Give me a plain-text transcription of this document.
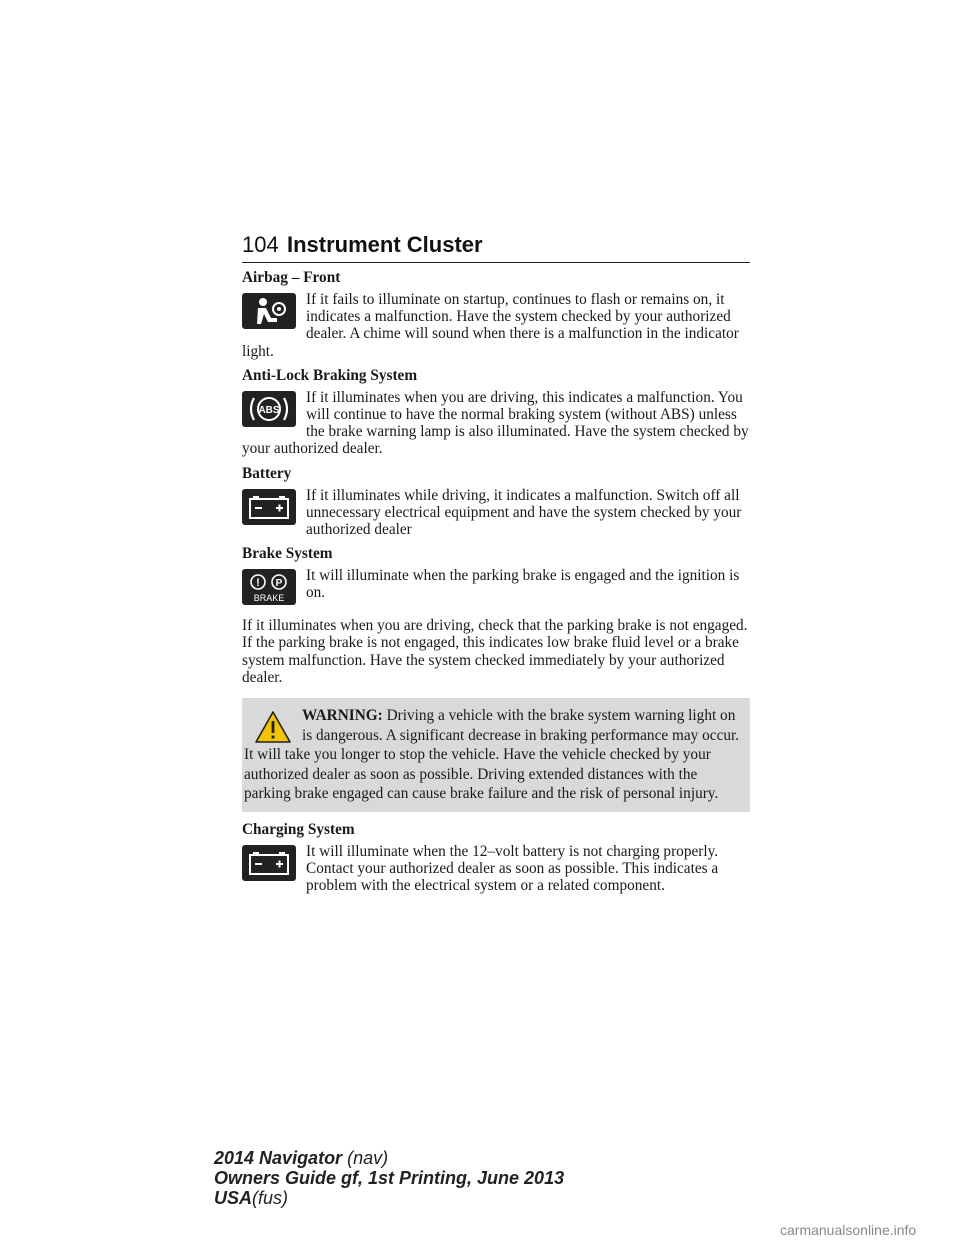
104 Instrument Cluster
Airbag – Front
If it fails to illuminate on startup, continues to flash or remains on, it indicates a malfunction. Have the system checked by your authorized dealer. A chime will sound when there is a malfunction in the indicator light.
Anti-Lock Braking System
ABS
If it illuminates when you are driving, this indicates a malfunction. You will continue to have the normal braking system (without ABS) unless the brake warning lamp is also illuminated. Have the system checked by your authorized dealer.
Battery
If it illuminates while driving, it indicates a malfunction. Switch off all unnecessary electrical equipment and have the system checked by your authorized dealer
Brake System
! P
BRAKE
It will illuminate when the parking brake is engaged and the ignition is on.
If it illuminates when you are driving, check that the parking brake is not engaged. If the parking brake is not engaged, this indicates low brake fluid level or a brake system malfunction. Have the system checked immediately by your authorized dealer.
WARNING: Driving a vehicle with the brake system warning light on is dangerous. A significant decrease in braking performance may occur. It will take you longer to stop the vehicle. Have the vehicle checked by your authorized dealer as soon as possible. Driving extended distances with the parking brake engaged can cause brake failure and the risk of personal injury.
Charging System
It will illuminate when the 12–volt battery is not charging properly. Contact your authorized dealer as soon as possible. This indicates a problem with the electrical system or a related component.
2014 Navigator (nav)
Owners Guide gf, 1st Printing, June 2013
USA(fus)
carmanualsonline.info
